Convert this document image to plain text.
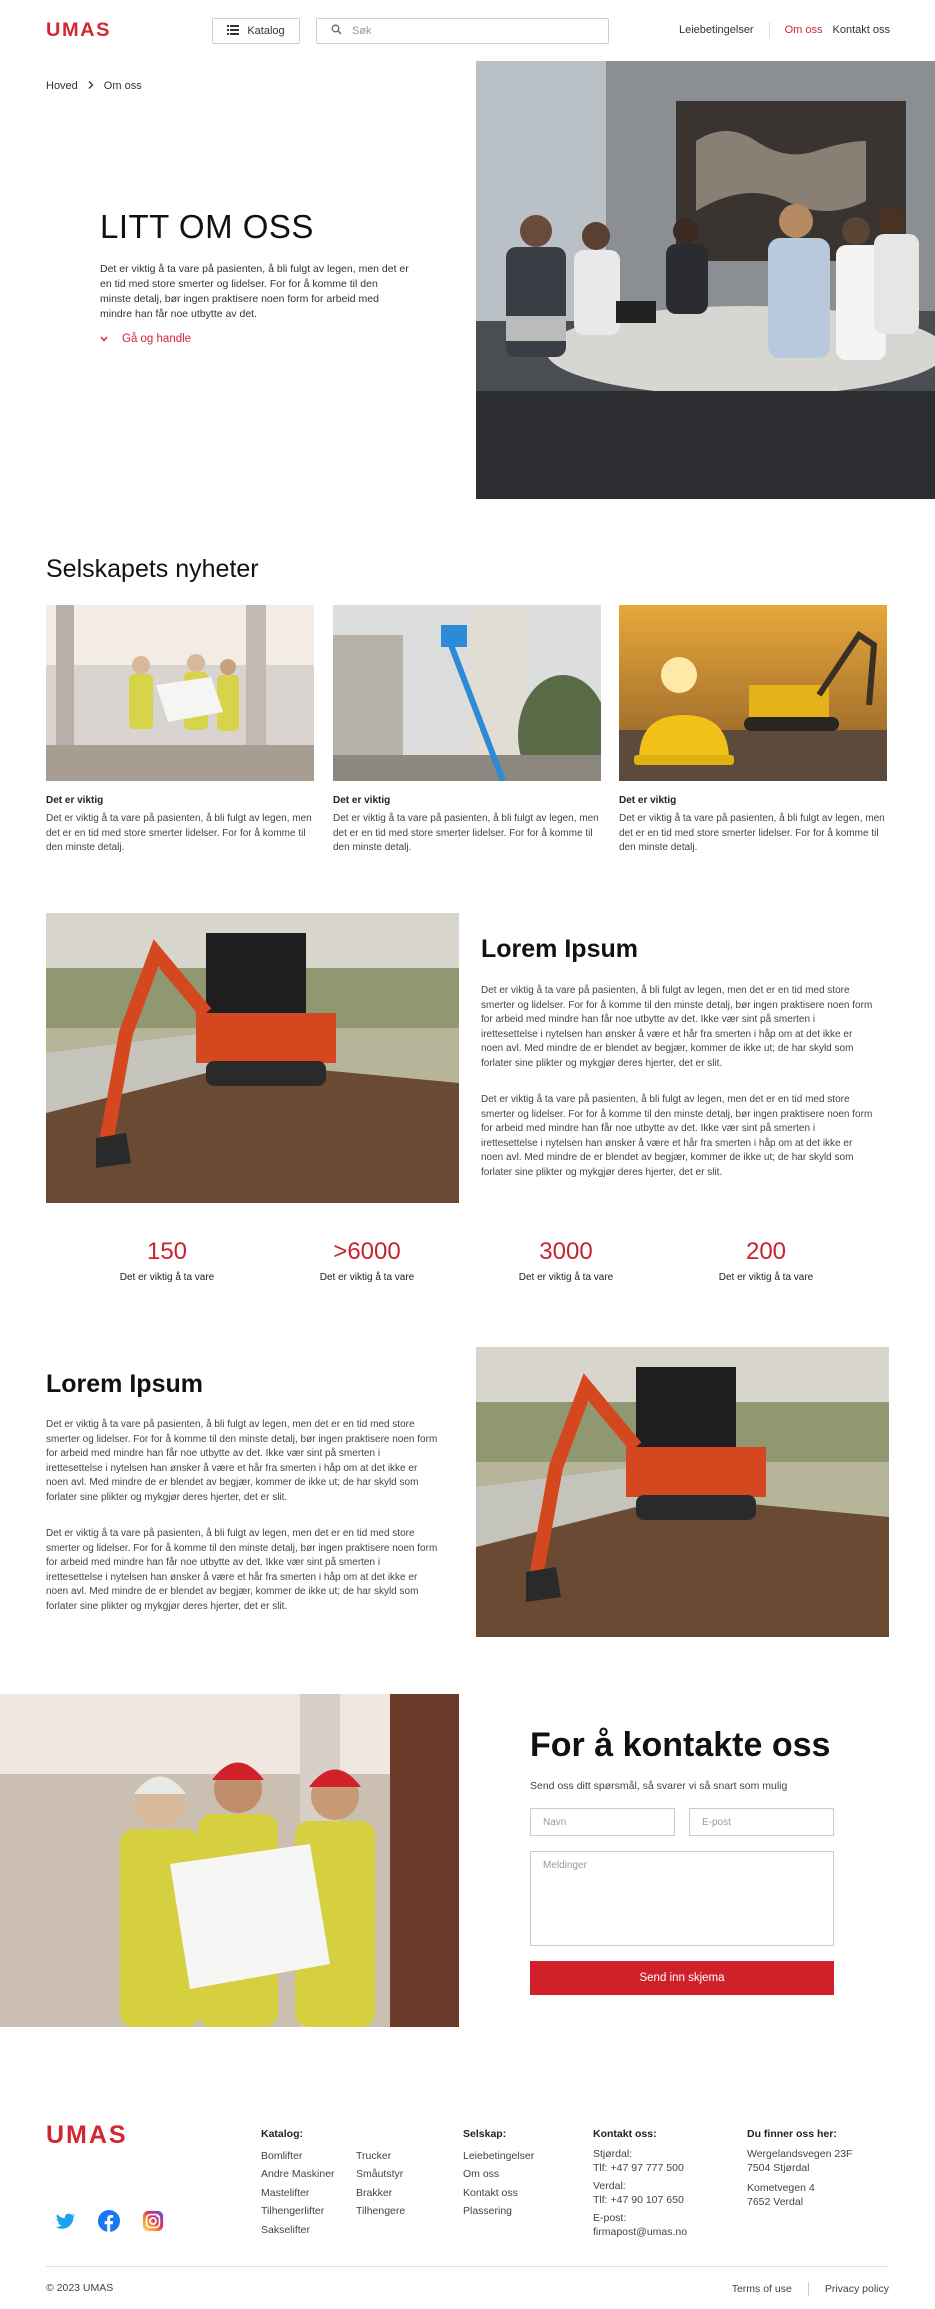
UMAS	Katalog
Søk	Leiebetingelser	Om oss Kontakt oss
Hoved Om oss
LITT OM OSS

Det er viktig å ta vare på pasienten, å bli fulgt av legen, men det er en tid med store smerter og lidelser. For for å komme til den minste detalj, bør ingen praktisere noen form for arbeid med mindre han får noe utbytte av det.

Gå og handle
Selskapets nyheter
Det er viktig
Det er viktig å ta vare på pasienten, å bli fulgt av legen, men det er en tid med store smerter lidelser. For for å komme til den minste detalj.
Det er viktig
Det er viktig å ta vare på pasienten, å bli fulgt av legen, men det er en tid med store smerter lidelser. For for å komme til den minste detalj.
Det er viktig
Det er viktig å ta vare på pasienten, å bli fulgt av legen, men det er en tid med store smerter lidelser. For for å komme til den minste detalj.
Lorem Ipsum

Det er viktig å ta vare på pasienten, å bli fulgt av legen, men det er en tid med store smerter og lidelser. For for å komme til den minste detalj, bør ingen praktisere noen form for arbeid med mindre han får noe utbytte av det. Ikke vær sint på smerten i irettesettelse i nytelsen han ønsker å være et hår fra smerten i håp om at det ikke er noen avl. Med mindre de er blendet av begjær, kommer de ikke ut; de har skyld som forlater sine plikter og mykgjør deres hjerter, det er slit.

Det er viktig å ta vare på pasienten, å bli fulgt av legen, men det er en tid med store smerter og lidelser. For for å komme til den minste detalj, bør ingen praktisere noen form for arbeid med mindre han får noe utbytte av det. Ikke vær sint på smerten i irettesettelse i nytelsen han ønsker å være et hår fra smerten i håp om at det ikke er noen avl. Med mindre de er blendet av begjær, kommer de ikke ut; de har skyld som forlater sine plikter og mykgjør deres hjerter, det er slit.

150
Det er viktig å ta vare
>6000
Det er viktig å ta vare
3000
Det er viktig å ta vare
200
Det er viktig å ta vare
Lorem Ipsum

Det er viktig å ta vare på pasienten, å bli fulgt av legen, men det er en tid med store smerter og lidelser. For for å komme til den minste detalj, bør ingen praktisere noen form for arbeid med mindre han får noe utbytte av det. Ikke vær sint på smerten i irettesettelse i nytelsen han ønsker å være et hår fra smerten i håp om at det ikke er noen avl. Med mindre de er blendet av begjær, kommer de ikke ut; de har skyld som forlater sine plikter og mykgjør deres hjerter, det er slit.

Det er viktig å ta vare på pasienten, å bli fulgt av legen, men det er en tid med store smerter og lidelser. For for å komme til den minste detalj, bør ingen praktisere noen form for arbeid med mindre han får noe utbytte av det. Ikke vær sint på smerten i irettesettelse i nytelsen han ønsker å være et hår fra smerten i håp om at det ikke er noen avl. Med mindre de er blendet av begjær, kommer de ikke ut; de har skyld som forlater sine plikter og mykgjør deres hjerter, det er slit.

For å kontakte oss

Send oss ditt spørsmål, så svarer vi så snart som mulig

Navn
E-post
Meldinger
Send inn skjema
UMAS	Katalog:
Bomlifter
Andre Maskiner
Mastelifter
Tilhengerlifter
Sakselifter
Trucker
Småutstyr
Brakker
Tilhengere
Selskap:
Leiebetingelser
Om oss
Kontakt oss
Plassering
Kontakt oss:
Stjørdal:
Tlf: +47 97 777 500
Verdal:
Tlf: +47 90 107 650
E-post:
firmapost@umas.no
Du finner oss her:
Wergelandsvegen 23F
7504 Stjørdal
Kometvegen 4
7652 Verdal
© 2023 UMAS	Terms of use	Privacy policy
